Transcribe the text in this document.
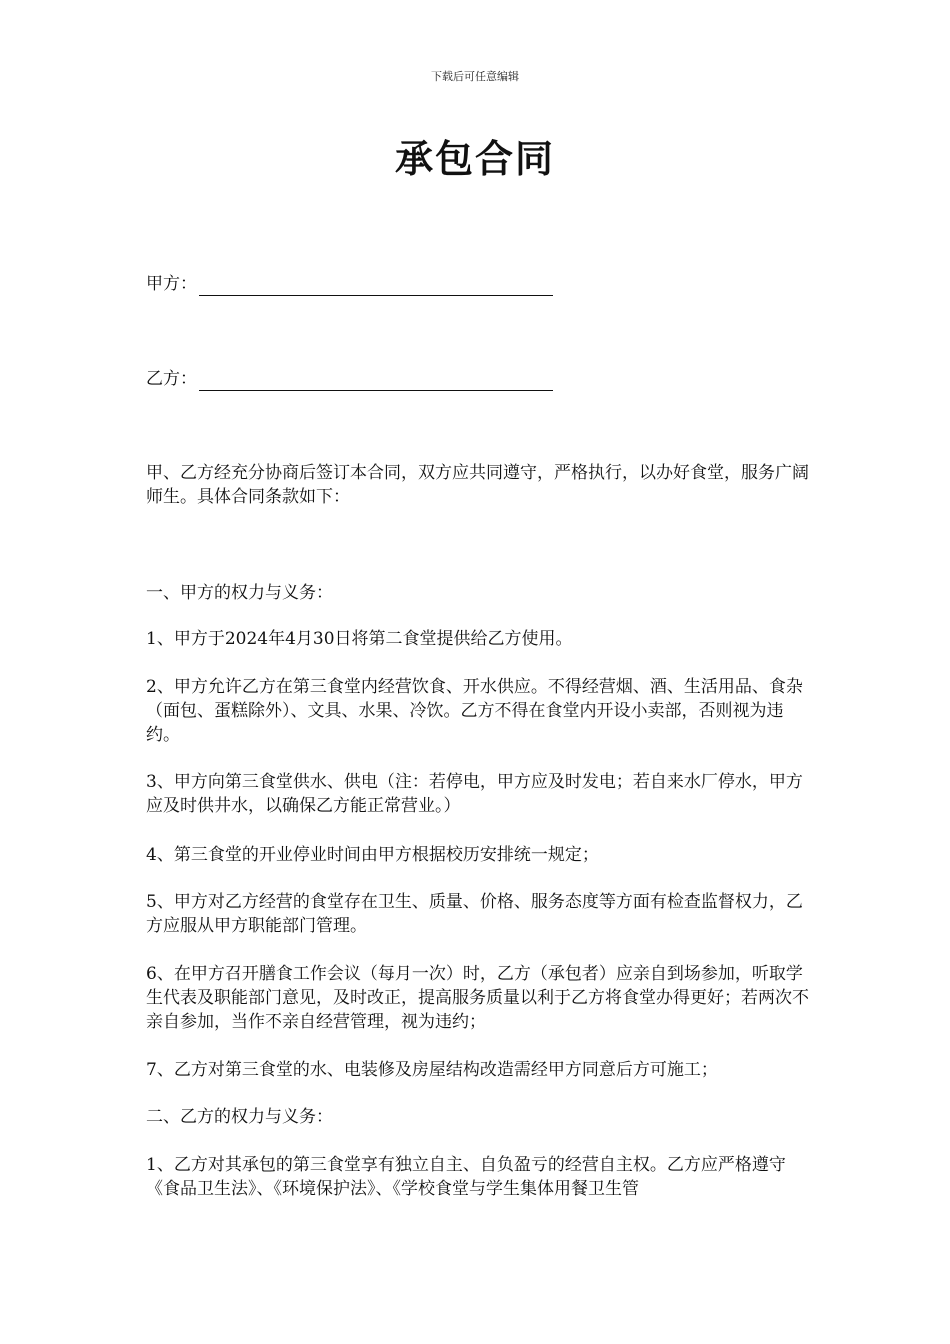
下载后可任意编辑
承包合同
甲方：
乙方：

甲、乙方经充分协商后签订本合同，双方应共同遵守，严格执行，以办好食堂，服务广阔师生。具体合同条款如下：

一、甲方的权力与义务：

1、甲方于2024年4月30日将第二食堂提供给乙方使用。

2、甲方允许乙方在第三食堂内经营饮食、开水供应。不得经营烟、酒、生活用品、食杂（面包、蛋糕除外）、文具、水果、冷饮。乙方不得在食堂内开设小卖部，否则视为违约。

3、甲方向第三食堂供水、供电（注：若停电，甲方应及时发电；若自来水厂停水，甲方应及时供井水，以确保乙方能正常营业。）

4、第三食堂的开业停业时间由甲方根据校历安排统一规定；

5、甲方对乙方经营的食堂存在卫生、质量、价格、服务态度等方面有检查监督权力，乙方应服从甲方职能部门管理。

6、在甲方召开膳食工作会议（每月一次）时，乙方（承包者）应亲自到场参加，听取学生代表及职能部门意见，及时改正，提高服务质量以利于乙方将食堂办得更好；若两次不亲自参加，当作不亲自经营管理，视为违约；

7、乙方对第三食堂的水、电装修及房屋结构改造需经甲方同意后方可施工；

二、乙方的权力与义务：

1、乙方对其承包的第三食堂享有独立自主、自负盈亏的经营自主权。乙方应严格遵守《食品卫生法》、《环境保护法》、《学校食堂与学生集体用餐卫生管
